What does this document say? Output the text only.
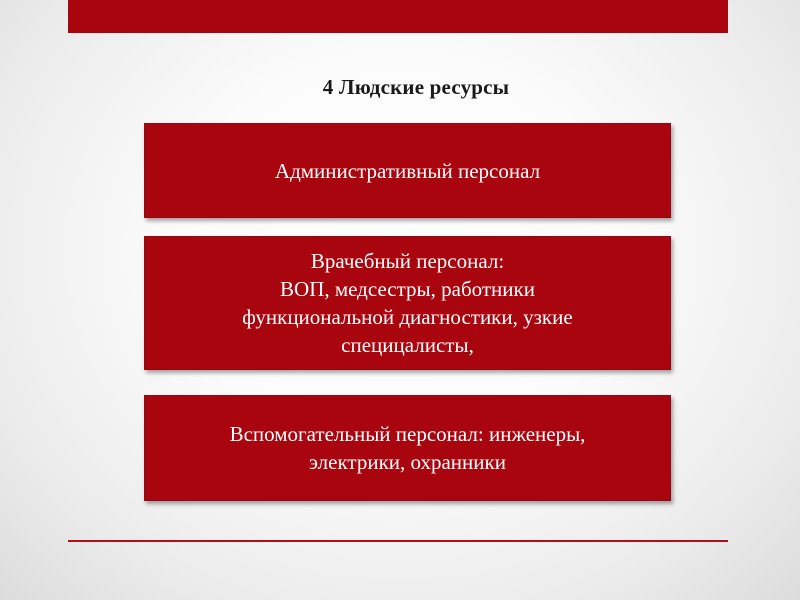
4 Людские ресурсы
Административный персонал
Врачебный персонал:
ВОП, медсестры, работники
функциональной диагностики, узкие
специцалисты,
Вспомогательный персонал: инженеры,
электрики, охранники
